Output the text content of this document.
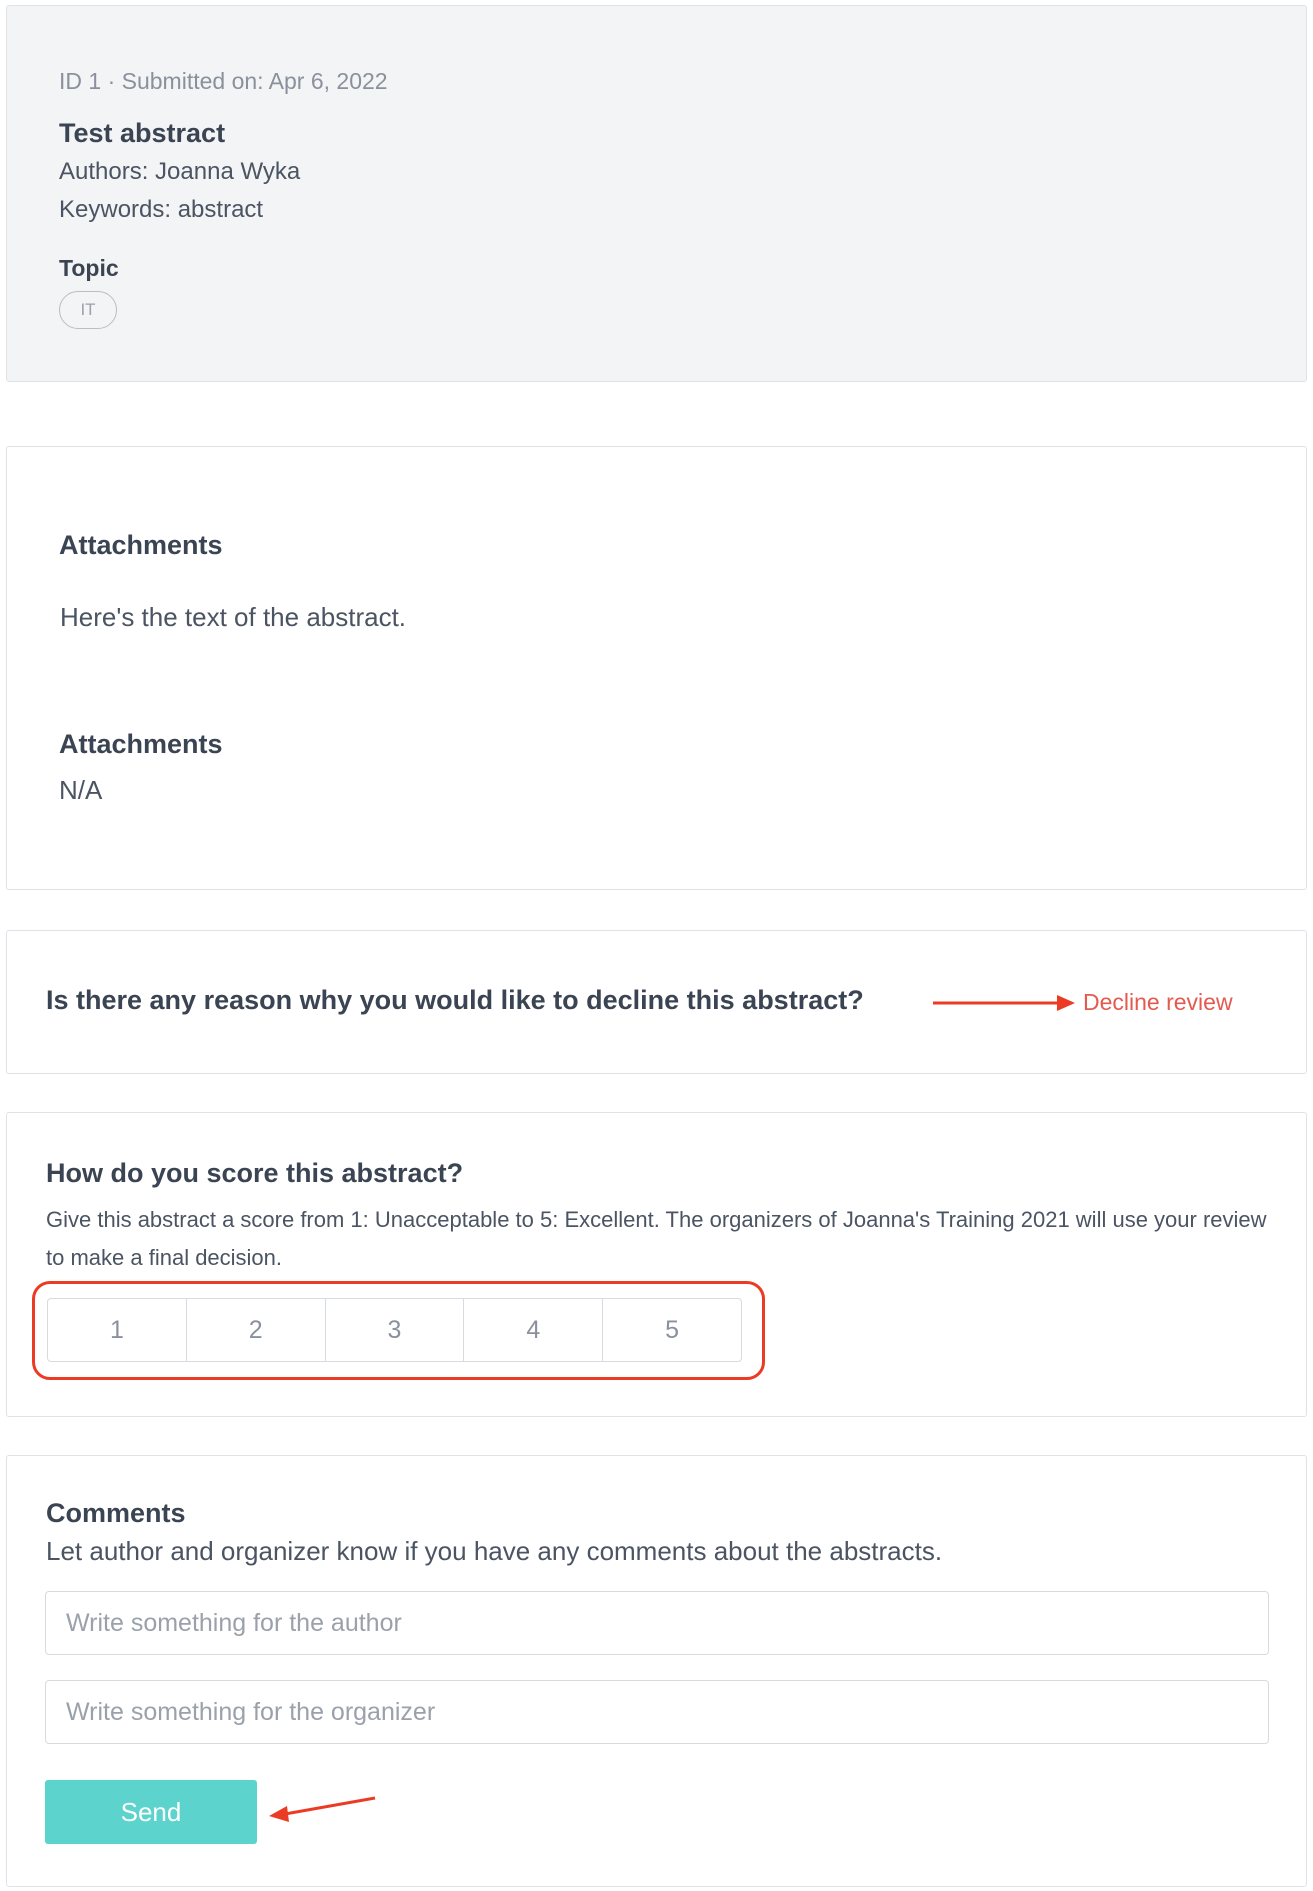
ID 1 · Submitted on: Apr 6, 2022
Test abstract
Authors: Joanna Wyka
Keywords: abstract
Topic
IT
Attachments
Here's the text of the abstract.
Attachments
N/A
Is there any reason why you would like to decline this abstract?	Decline review
How do you score this abstract?
Give this abstract a score from 1: Unacceptable to 5: Excellent. The organizers of Joanna's Training 2021 will use your review to make a final decision.
1	2	3	4	5
Comments
Let author and organizer know if you have any comments about the abstracts.
Write something for the author
Write something for the organizer
Send
